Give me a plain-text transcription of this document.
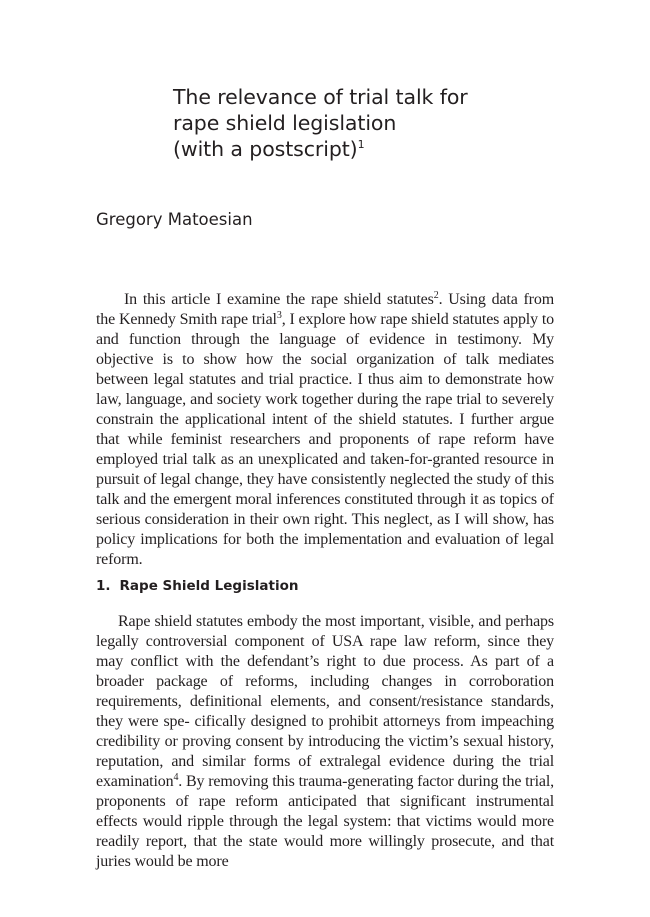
The relevance of trial talk for
rape shield legislation
(with a postscript)$^1$

Gregory Matoesian

In this article I examine the rape shield statutes$^2$. Using data from the Kennedy Smith rape trial$^3$, I explore how rape shield statutes apply to and function through the language of evidence in testimony. My objective is to show how the social organization of talk mediates between legal statutes and trial practice. I thus aim to demonstrate how law, language, and society work together during the rape trial to severely constrain the applicational intent of the shield statutes. I further argue that while feminist researchers and proponents of rape reform have employed trial talk as an unexplicated and taken-for-granted resource in pursuit of legal change, they have consistently neglected the study of this talk and the emergent moral inferences constituted through it as topics of serious consideration in their own right. This neglect, as I will show, has policy implications for both the implementation and evaluation of legal reform.

1. Rape Shield Legislation

Rape shield statutes embody the most important, visible, and perhaps legally controversial component of USA rape law reform, since they may conflict with the defendant’s right to due process. As part of a broader package of reforms, including changes in corroboration requirements, definitional elements, and consent/resistance standards, they were spe- cifically designed to prohibit attorneys from impeaching credibility or proving consent by introducing the victim’s sexual history, reputation, and similar forms of extralegal evidence during the trial examination$^4$. By removing this trauma-generating factor during the trial, proponents of rape reform anticipated that significant instrumental effects would ripple through the legal system: that victims would more readily report, that the state would more willingly prosecute, and that juries would be more
